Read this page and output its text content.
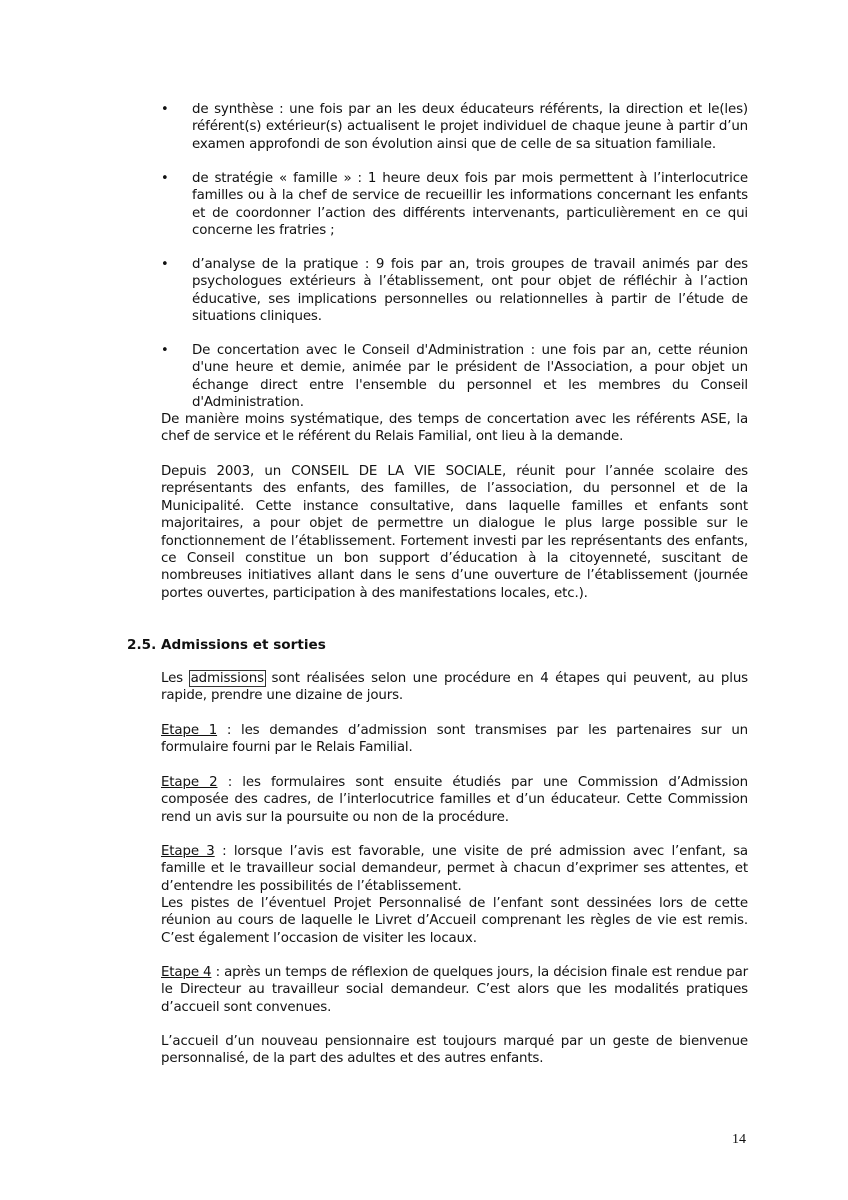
• de synthèse : une fois par an les deux éducateurs référents, la direction et le(les) référent(s) extérieur(s) actualisent le projet individuel de chaque jeune à partir d’un examen approfondi de son évolution ainsi que de celle de sa situation familiale.
• de stratégie « famille » : 1 heure deux fois par mois permettent à l’interlocutrice familles ou à la chef de service de recueillir les informations concernant les enfants et de coordonner l’action des différents intervenants, particulièrement en ce qui concerne les fratries ;
• d’analyse de la pratique : 9 fois par an, trois groupes de travail animés par des psychologues extérieurs à l’établissement, ont pour objet de réfléchir à l’action éducative, ses implications personnelles ou relationnelles à partir de l’étude de situations cliniques.
• De concertation avec le Conseil d'Administration : une fois par an, cette réunion d'une heure et demie, animée par le président de l'Association, a pour objet un échange direct entre l'ensemble du personnel et les membres du Conseil d'Administration.
De manière moins systématique, des temps de concertation avec les référents ASE, la chef de service et le référent du Relais Familial, ont lieu à la demande.
Depuis 2003, un CONSEIL DE LA VIE SOCIALE, réunit pour l’année scolaire des représentants des enfants, des familles, de l’association, du personnel et de la Municipalité. Cette instance consultative, dans laquelle familles et enfants sont majoritaires, a pour objet de permettre un dialogue le plus large possible sur le fonctionnement de l’établissement. Fortement investi par les représentants des enfants, ce Conseil constitue un bon support d’éducation à la citoyenneté, suscitant de nombreuses initiatives allant dans le sens d’une ouverture de l’établissement (journée portes ouvertes, participation à des manifestations locales, etc.).
2.5. Admissions et sorties
Les admissions sont réalisées selon une procédure en 4 étapes qui peuvent, au plus rapide, prendre une dizaine de jours.
Etape 1 : les demandes d’admission sont transmises par les partenaires sur un formulaire fourni par le Relais Familial.
Etape 2 : les formulaires sont ensuite étudiés par une Commission d’Admission composée des cadres, de l’interlocutrice familles et d’un éducateur. Cette Commission rend un avis sur la poursuite ou non de la procédure.
Etape 3 : lorsque l’avis est favorable, une visite de pré admission avec l’enfant, sa famille et le travailleur social demandeur, permet à chacun d’exprimer ses attentes, et d’entendre les possibilités de l’établissement.
Les pistes de l’éventuel Projet Personnalisé de l’enfant sont dessinées lors de cette réunion au cours de laquelle le Livret d’Accueil comprenant les règles de vie est remis. C’est également l’occasion de visiter les locaux.
Etape 4 : après un temps de réflexion de quelques jours, la décision finale est rendue par le Directeur au travailleur social demandeur. C’est alors que les modalités pratiques d’accueil sont convenues.
L’accueil d’un nouveau pensionnaire est toujours marqué par un geste de bienvenue personnalisé, de la part des adultes et des autres enfants.
14
